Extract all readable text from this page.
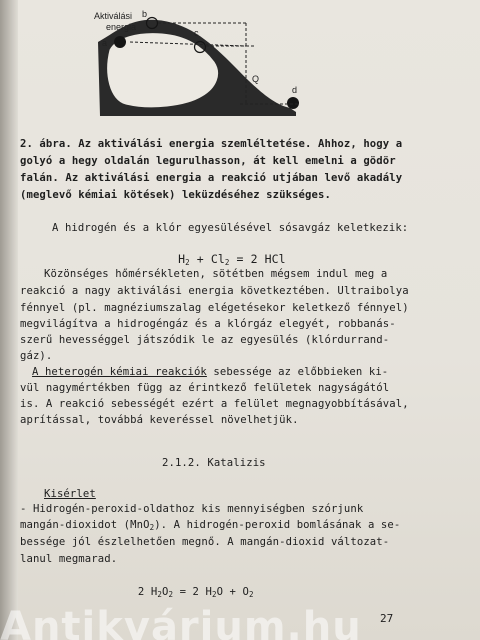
Aktiválási
energia
a
b
c
d
Q
2. ábra. Az aktiválási energia szemléltetése. Ahhoz, hogy a
golyó a hegy oldalán legurulhasson, át kell emelni a gödör
falán. Az aktiválási energia a reakció utjában levő akadály
(meglevő kémiai kötések) leküzdéséhez szükséges.
A hidrogén és a klór egyesülésével sósavgáz keletkezik:

$H_2 + Cl_2 = 2$ HCl

Közönséges hőmérsékleten, sötétben mégsem indul meg a
reakció a nagy aktiválási energia következtében. Ultraibolya
fénnyel (pl. magnéziumszalag elégetésekor keletkező fénnyel)
megvilágítva a hidrogéngáz és a klórgáz elegyét, robbanás-
szerű hevességgel játszódik le az egyesülés (klórdurrand-
gáz).
A heterogén kémiai reakciók sebessége az előbbieken ki-
vül nagymértékben függ az érintkező felületek nagyságától
is. A reakció sebességét ezért a felület megnagyobbításával,
aprítással, továbbá keveréssel növelhetjük.
2.1.2. Katalizis
Kisérlet
- Hidrogén-peroxid-oldathoz kis mennyiségben szórjunk
mangán-dioxidot (MnO$_2$). A hidrogén-peroxid bomlásának a se-
bessége jól észlelhetően megnő. A mangán-dioxid változat-
lanul megmarad.

2 $H_2O_2 = 2$ $H_2O + O_2$

Antikvárium.hu 27
